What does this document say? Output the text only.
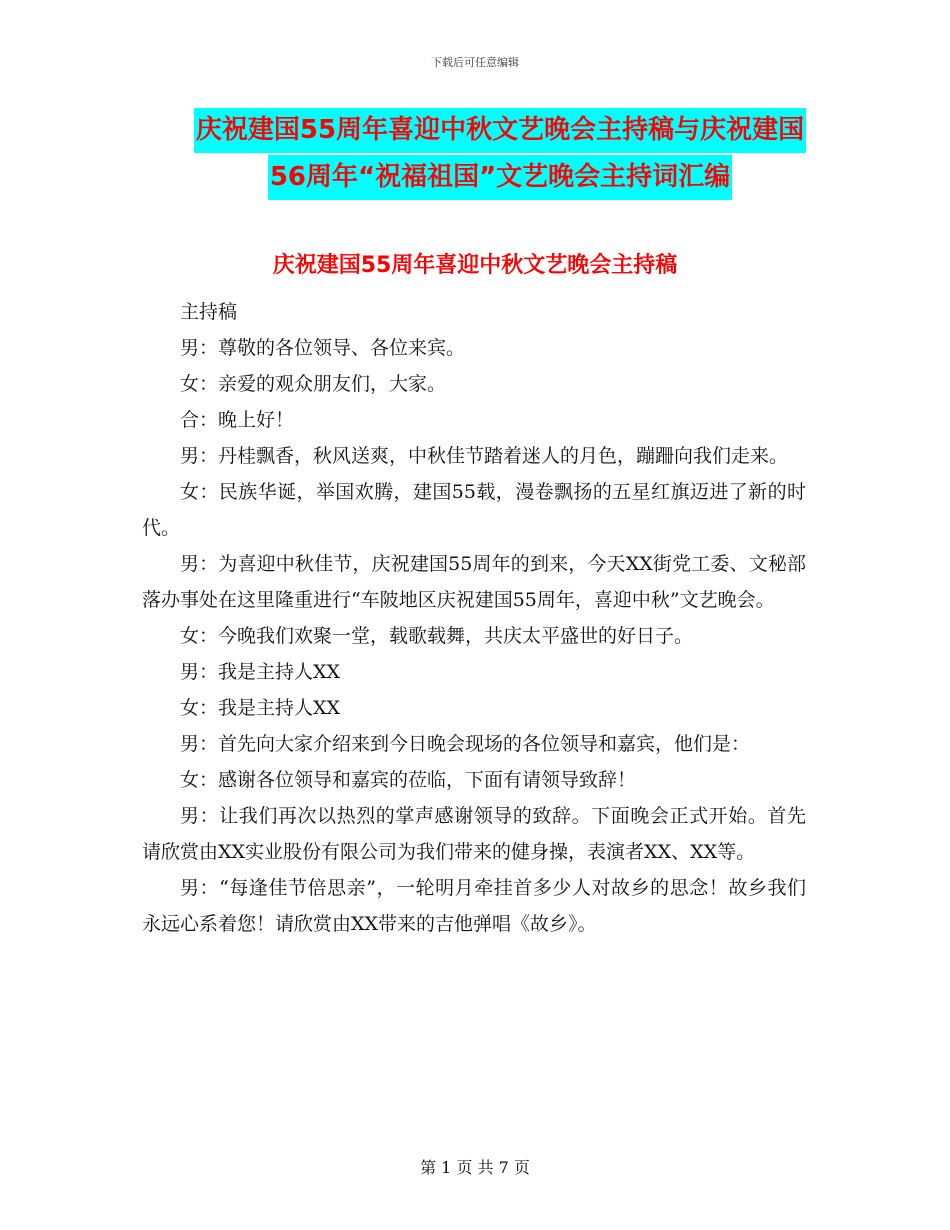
下载后可任意编辑
庆祝建国55周年喜迎中秋文艺晚会主持稿与庆祝建国
56周年“祝福祖国”文艺晚会主持词汇编
庆祝建国55周年喜迎中秋文艺晚会主持稿

主持稿

男：尊敬的各位领导、各位来宾。

女：亲爱的观众朋友们，大家。

合：晚上好！

男：丹桂飘香，秋风送爽，中秋佳节踏着迷人的月色，蹦跚向我们走来。

女：民族华诞，举国欢腾，建国55载，漫卷飘扬的五星红旗迈进了新的时代。

男：为喜迎中秋佳节，庆祝建国55周年的到来，今天XX街党工委、文秘部落办事处在这里隆重进行“车陂地区庆祝建国55周年，喜迎中秋”文艺晚会。

女：今晚我们欢聚一堂，载歌载舞，共庆太平盛世的好日子。

男：我是主持人XX

女：我是主持人XX

男：首先向大家介绍来到今日晚会现场的各位领导和嘉宾，他们是：

女：感谢各位领导和嘉宾的莅临，下面有请领导致辞！

男：让我们再次以热烈的掌声感谢领导的致辞。下面晚会正式开始。首先请欣赏由XX实业股份有限公司为我们带来的健身操，表演者XX、XX等。

男：“每逢佳节倍思亲”，一轮明月牵挂首多少人对故乡的思念！故乡我们永远心系着您！请欣赏由XX带来的吉他弹唱《故乡》。

第 1 页 共 7 页
